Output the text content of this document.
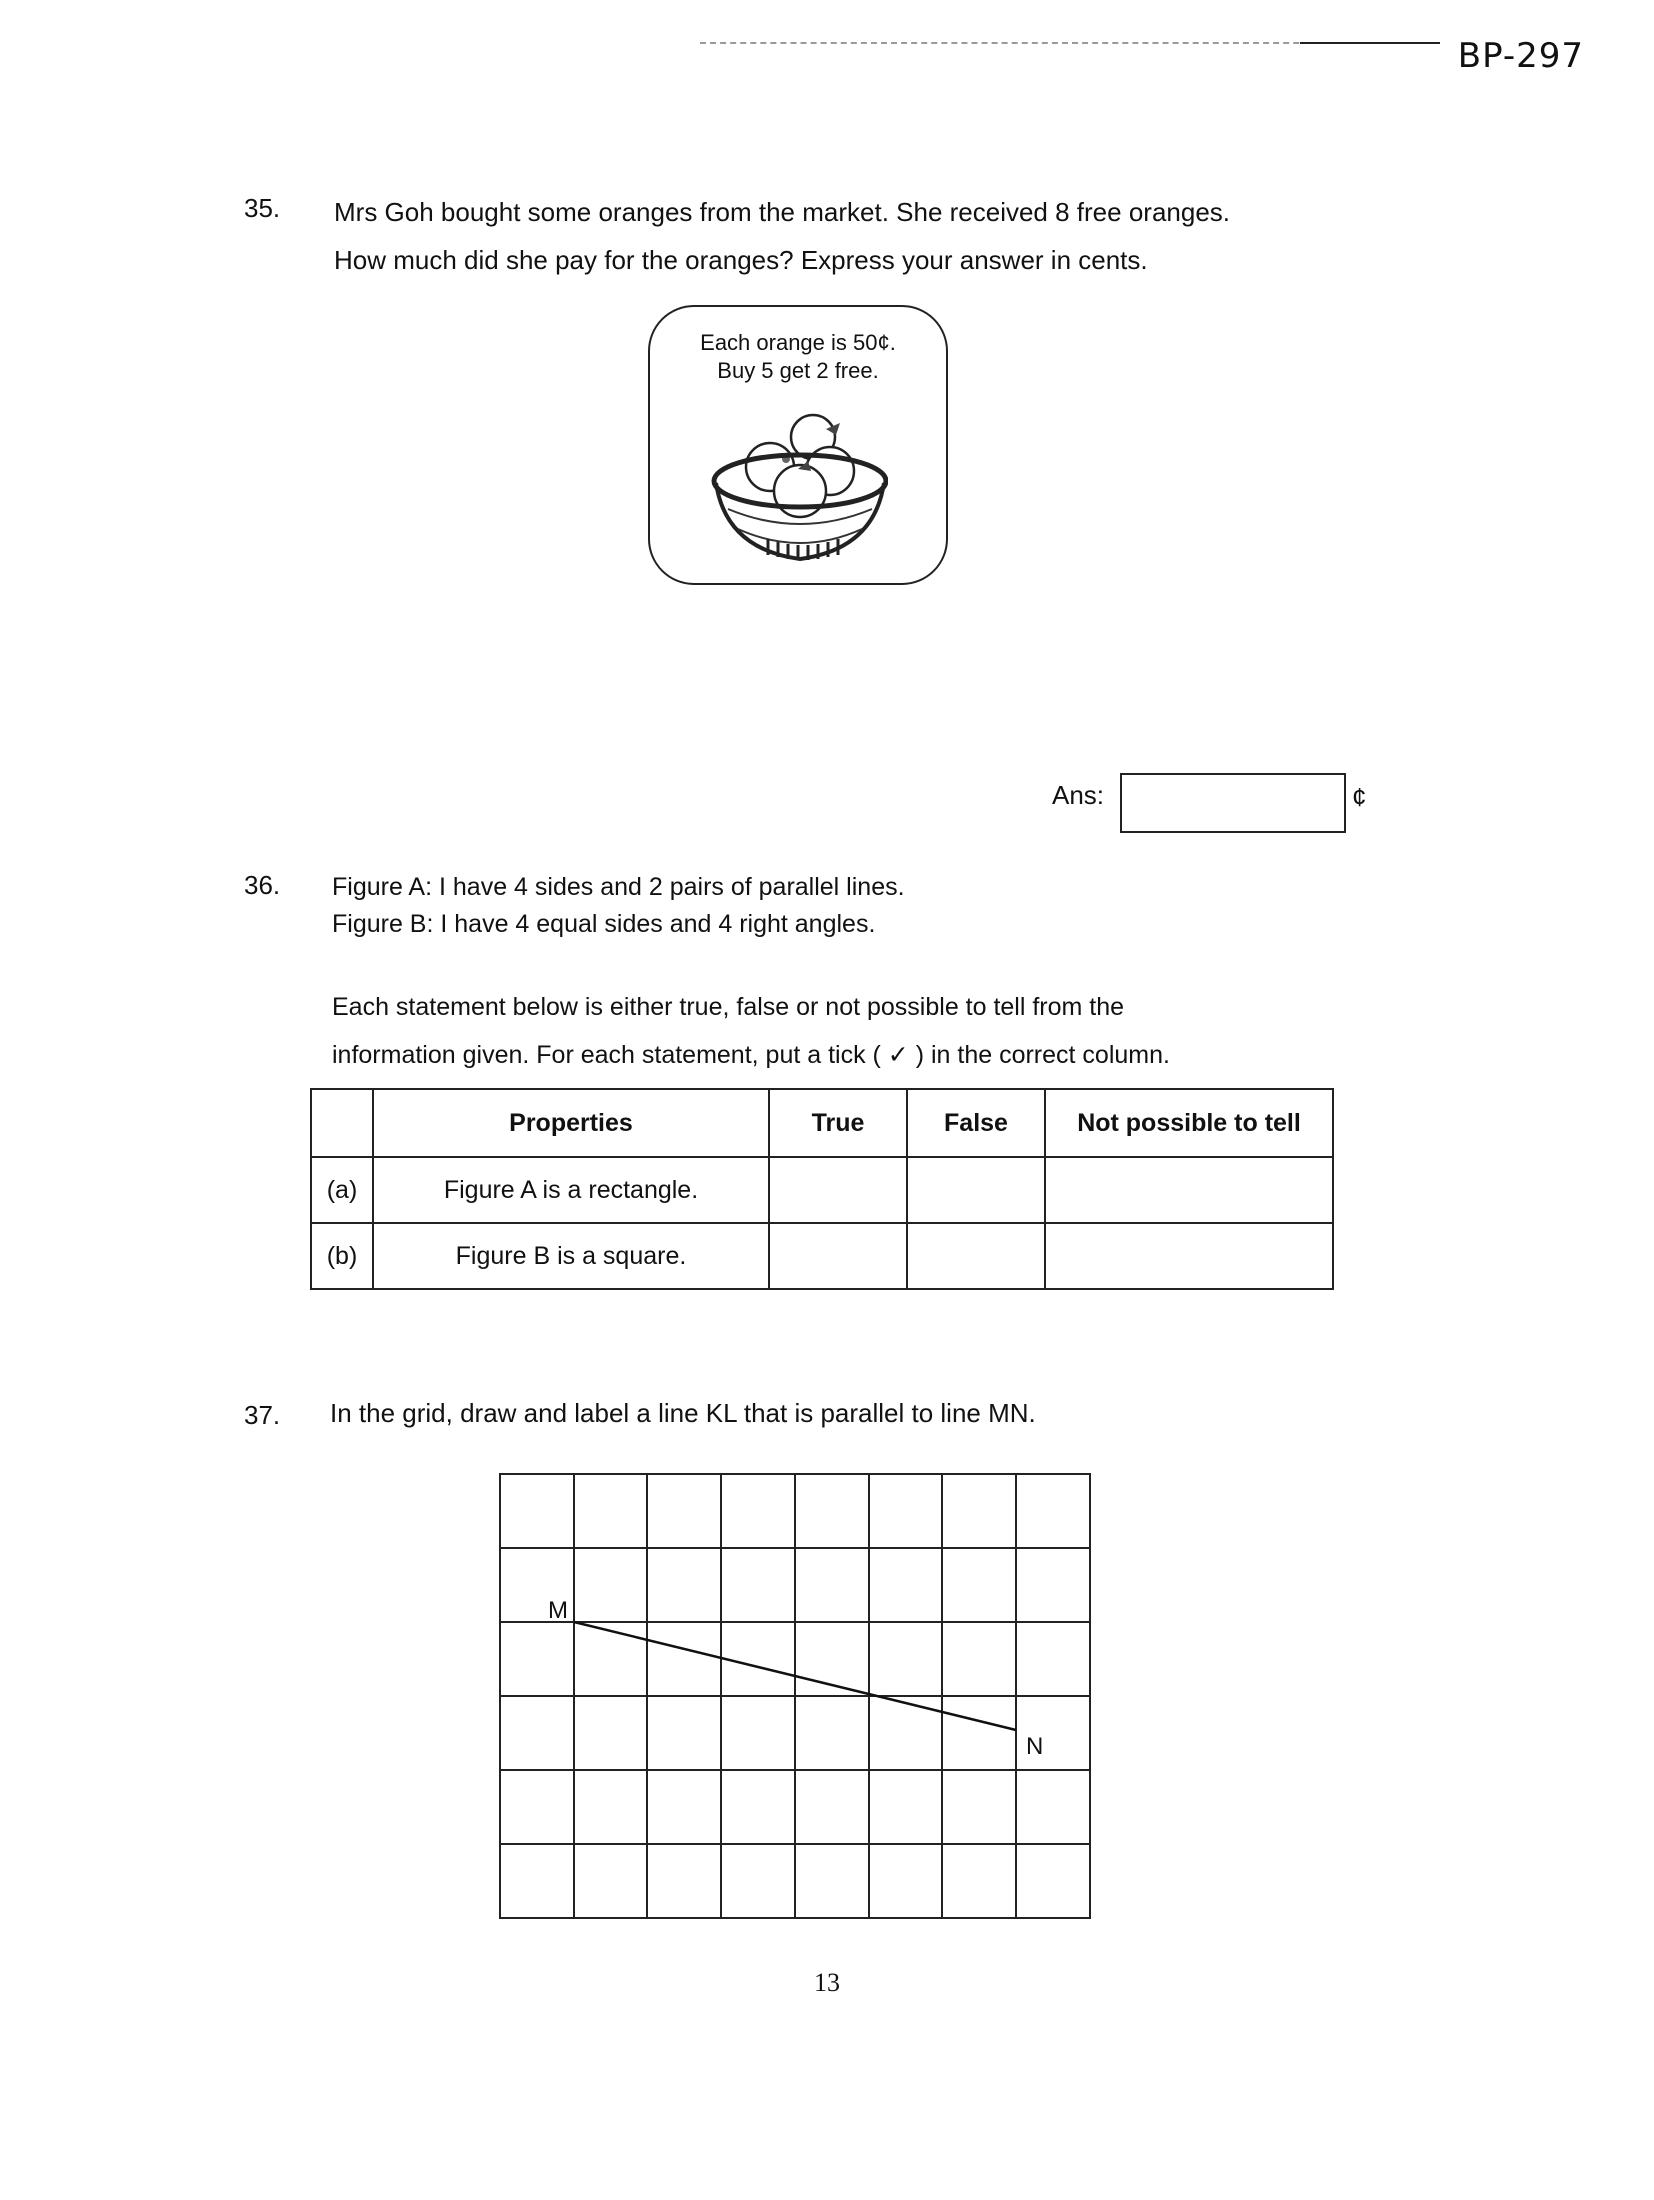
BP-297
35. Mrs Goh bought some oranges from the market. She received 8 free oranges.
How much did she pay for the oranges? Express your answer in cents.
Each orange is 50¢.
Buy 5 get 2 free.
Ans:	¢
36. Figure A: I have 4 sides and 2 pairs of parallel lines.
Figure B: I have 4 equal sides and 4 right angles.
Each statement below is either true, false or not possible to tell from the
information given. For each statement, put a tick ( ✓ ) in the correct column.
	Properties	True	False	Not possible to tell
(a)	Figure A is a rectangle.			
(b)	Figure B is a square.			
37. In the grid, draw and label a line KL that is parallel to line MN.
M
N
13
